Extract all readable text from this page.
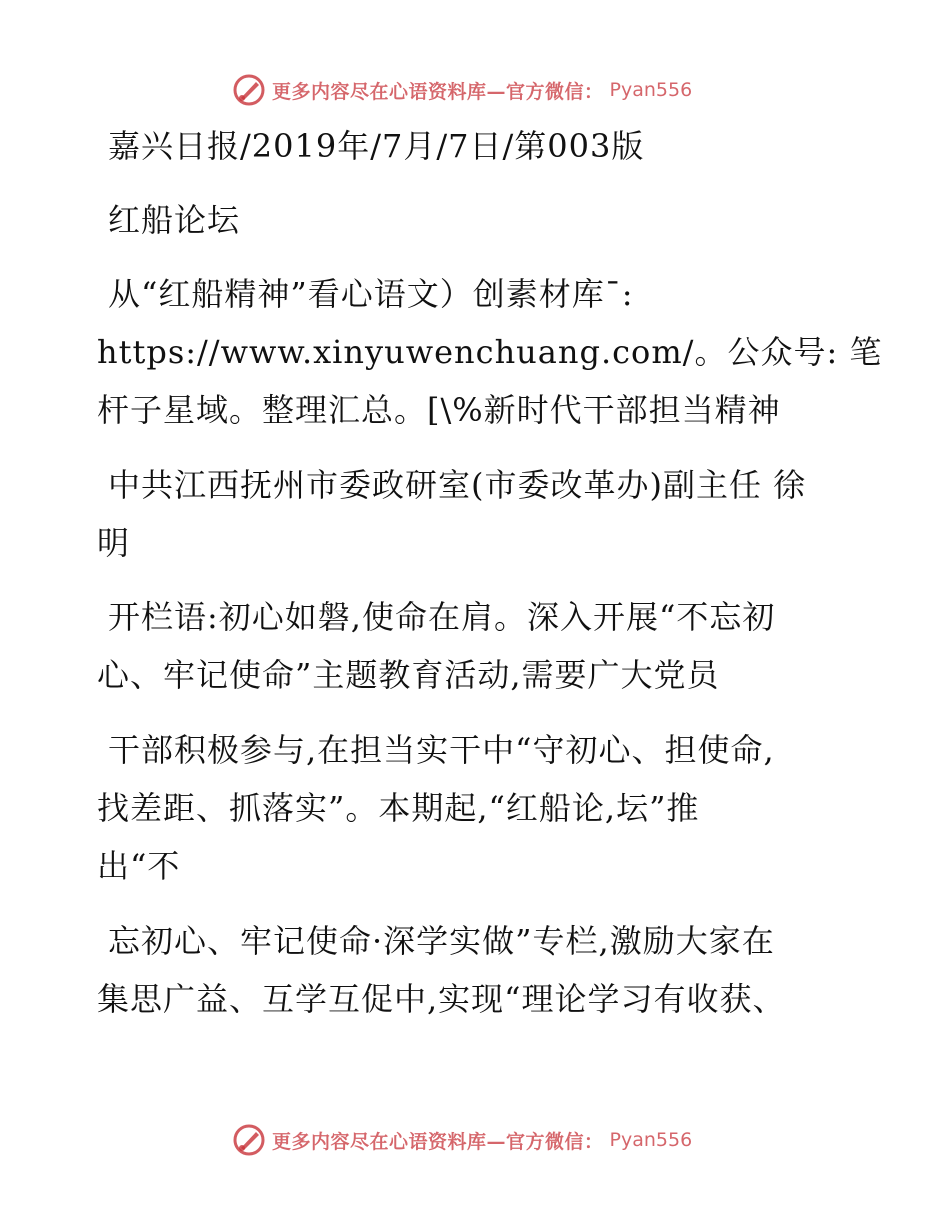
更多内容尽在心语资料库—官方微信： Pyan556
嘉兴日报/2019年/7月/7日/第003版
红船论坛
从“红船精神”看心语文）创素材库¯:
https://www.xinyuwenchuang.com/。公众号: 笔
杆子星域。整理汇总。[\%新时代干部担当精神
中共江西抚州市委政研室(市委改革办)副主任 徐
明
开栏语:初心如磐,使命在肩。深入开展“不忘初
心、牢记使命”主题教育活动,需要广大党员
干部积极参与,在担当实干中“守初心、担使命,
找差距、抓落实”。本期起,“红船论,坛”推
出“不
忘初心、牢记使命·深学实做”专栏,激励大家在
集思广益、互学互促中,实现“理论学习有收获、
更多内容尽在心语资料库—官方微信： Pyan556
